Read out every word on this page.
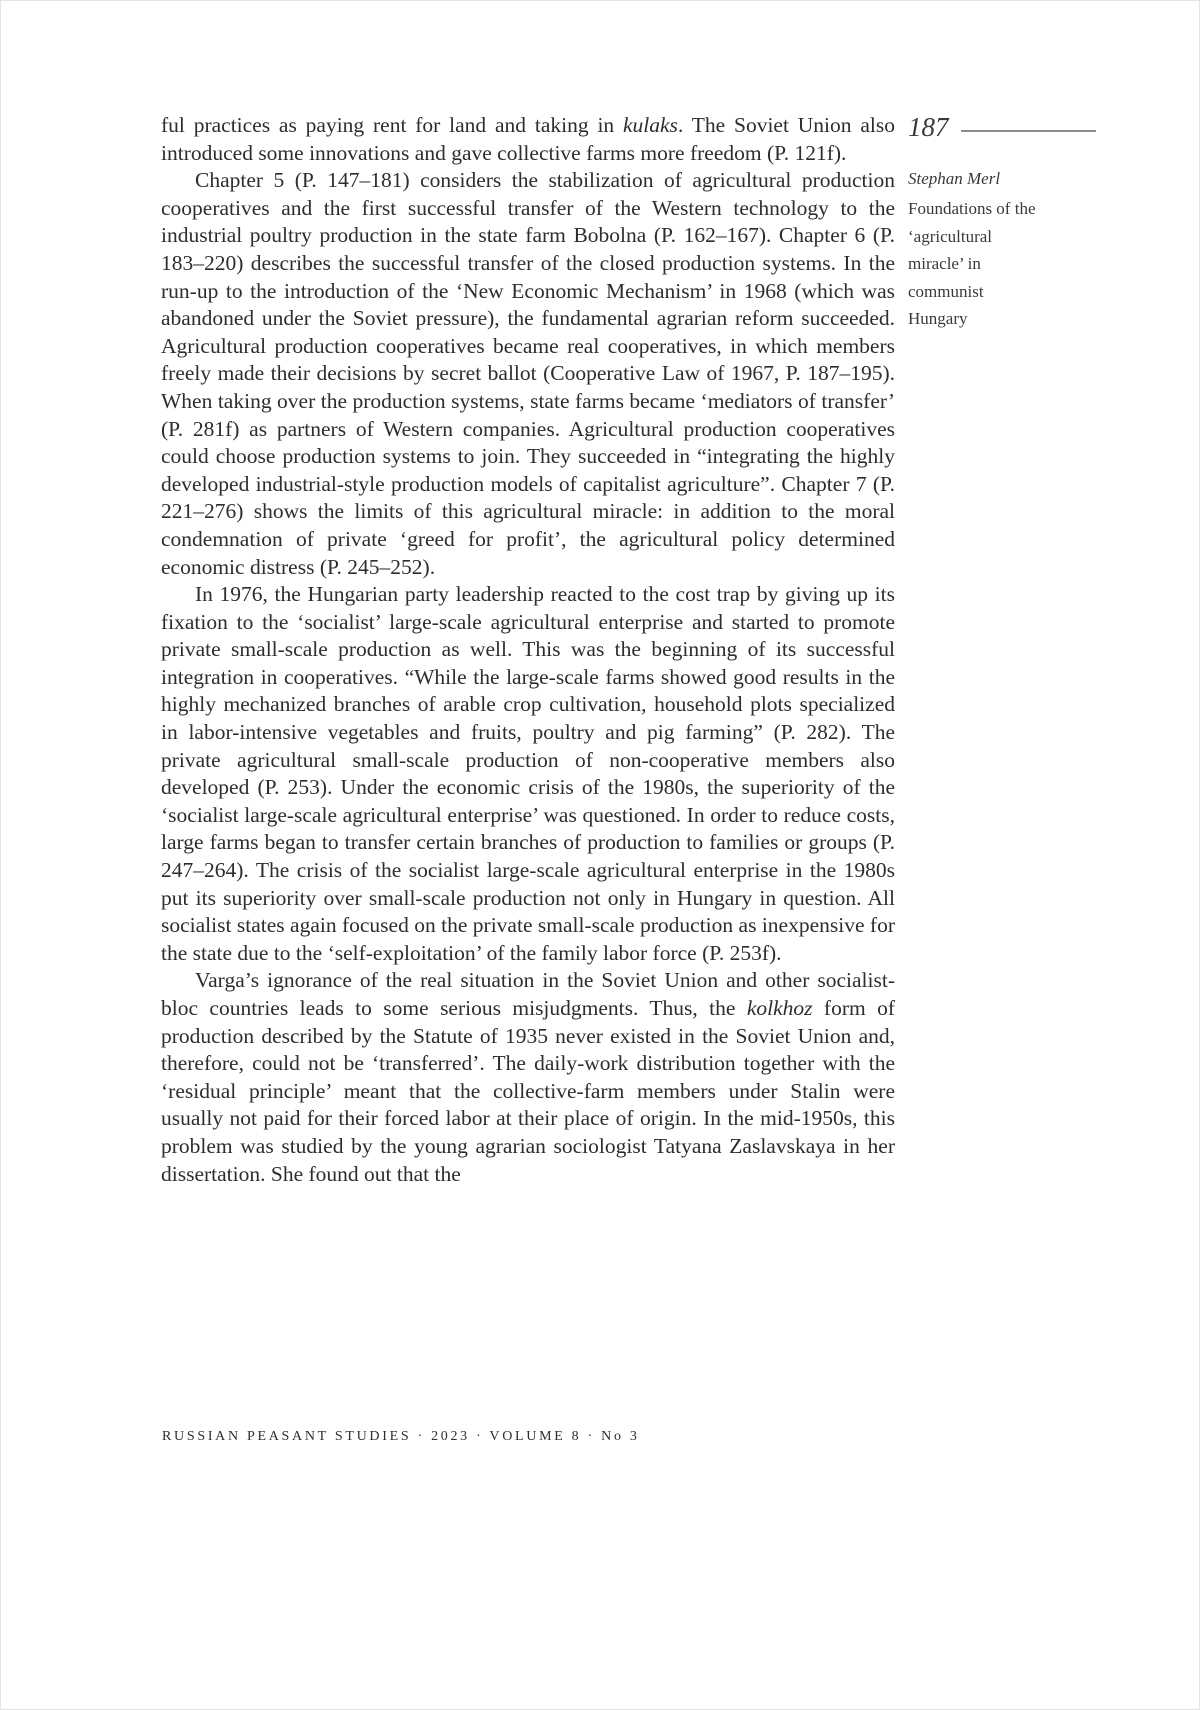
ful practices as paying rent for land and taking in kulaks. The Soviet Union also introduced some innovations and gave collective farms more freedom (P. 121f).

Chapter 5 (P. 147–181) considers the stabilization of agricultural production cooperatives and the first successful transfer of the Western technology to the industrial poultry production in the state farm Bobolna (P. 162–167). Chapter 6 (P. 183–220) describes the successful transfer of the closed production systems. In the run-up to the introduction of the ‘New Economic Mechanism’ in 1968 (which was abandoned under the Soviet pressure), the fundamental agrarian reform succeeded. Agricultural production cooperatives became real cooperatives, in which members freely made their decisions by secret ballot (Cooperative Law of 1967, P. 187–195). When taking over the production systems, state farms became ‘mediators of transfer’ (P. 281f) as partners of Western companies. Agricultural production cooperatives could choose production systems to join. They succeeded in “integrating the highly developed industrial-style production models of capitalist agriculture”. Chapter 7 (P. 221–276) shows the limits of this agricultural miracle: in addition to the moral condemnation of private ‘greed for profit’, the agricultural policy determined economic distress (P. 245–252).

In 1976, the Hungarian party leadership reacted to the cost trap by giving up its fixation to the ‘socialist’ large-scale agricultural enterprise and started to promote private small-scale production as well. This was the beginning of its successful integration in cooperatives. “While the large-scale farms showed good results in the highly mechanized branches of arable crop cultivation, household plots specialized in labor-intensive vegetables and fruits, poultry and pig farming” (P. 282). The private agricultural small-scale production of non-cooperative members also developed (P. 253). Under the economic crisis of the 1980s, the superiority of the ‘socialist large-scale agricultural enterprise’ was questioned. In order to reduce costs, large farms began to transfer certain branches of production to families or groups (P. 247–264). The crisis of the socialist large-scale agricultural enterprise in the 1980s put its superiority over small-scale production not only in Hungary in question. All socialist states again focused on the private small-scale production as inexpensive for the state due to the ‘self-exploitation’ of the family labor force (P. 253f).

Varga’s ignorance of the real situation in the Soviet Union and other socialist-bloc countries leads to some serious misjudgments. Thus, the kolkhoz form of production described by the Statute of 1935 never existed in the Soviet Union and, therefore, could not be ‘transferred’. The daily-work distribution together with the ‘residual principle’ meant that the collective-farm members under Stalin were usually not paid for their forced labor at their place of origin. In the mid-1950s, this problem was studied by the young agrarian sociologist Tatyana Zaslavskaya in her dissertation. She found out that the

187
Stephan Merl
Foundations of the ‘agricultural miracle’ in communist Hungary
RUSSIAN PEASANT STUDIES · 2023 · VOLUME 8 · No 3
